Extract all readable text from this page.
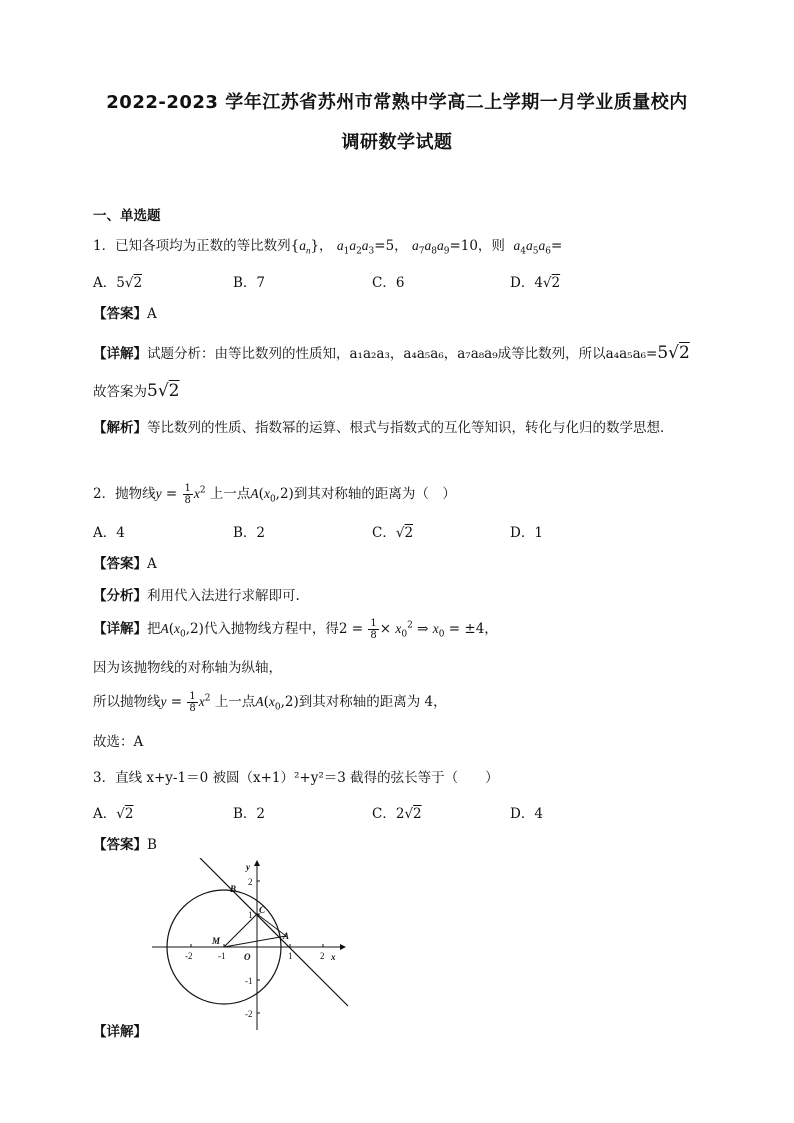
2022-2023 学年江苏省苏州市常熟中学高二上学期一月学业质量校内
调研数学试题
一、单选题
1．已知各项均为正数的等比数列$\{a_n\}$， $a_1a_2a_3=5$， $a_7a_8a_9=10$，则 $a_4a_5a_6=$
A．5√2	B．7	C．6	D．4√2
【答案】A
【详解】试题分析：由等比数列的性质知，a₁a₂a₃，a₄a₅a₆，a₇a₈a₉成等比数列，所以a₄a₅a₆=5√2
故答案为5√2
【解析】等比数列的性质、指数幂的运算、根式与指数式的互化等知识，转化与化归的数学思想．
2．抛物线$y = \frac{1}{8} x^2$ 上一点$A(x_0,2)$到其对称轴的距离为（　）
A．4	B．2	C．√2	D．1
【答案】A
【分析】利用代入法进行求解即可.
【详解】把$A(x_0,2)$代入抛物线方程中，得$2 = \frac{1}{8} \times x_0^2$ ⇒ $x_0 = \pm 4$，
因为该抛物线的对称轴为纵轴，
所以抛物线$y = \frac{1}{8} x^2$ 上一点$A(x_0,2)$到其对称轴的距离为 4，
故选：A
3．直线 x+y-1＝0 被圆（x+1）²+y²＝3 截得的弦长等于（　　）
A．√2	B．2	C．2√2	D．4
【答案】B
y
x
B
C
M	A
O
2
1
-1
-2
-2	-1	1	2
【详解】
